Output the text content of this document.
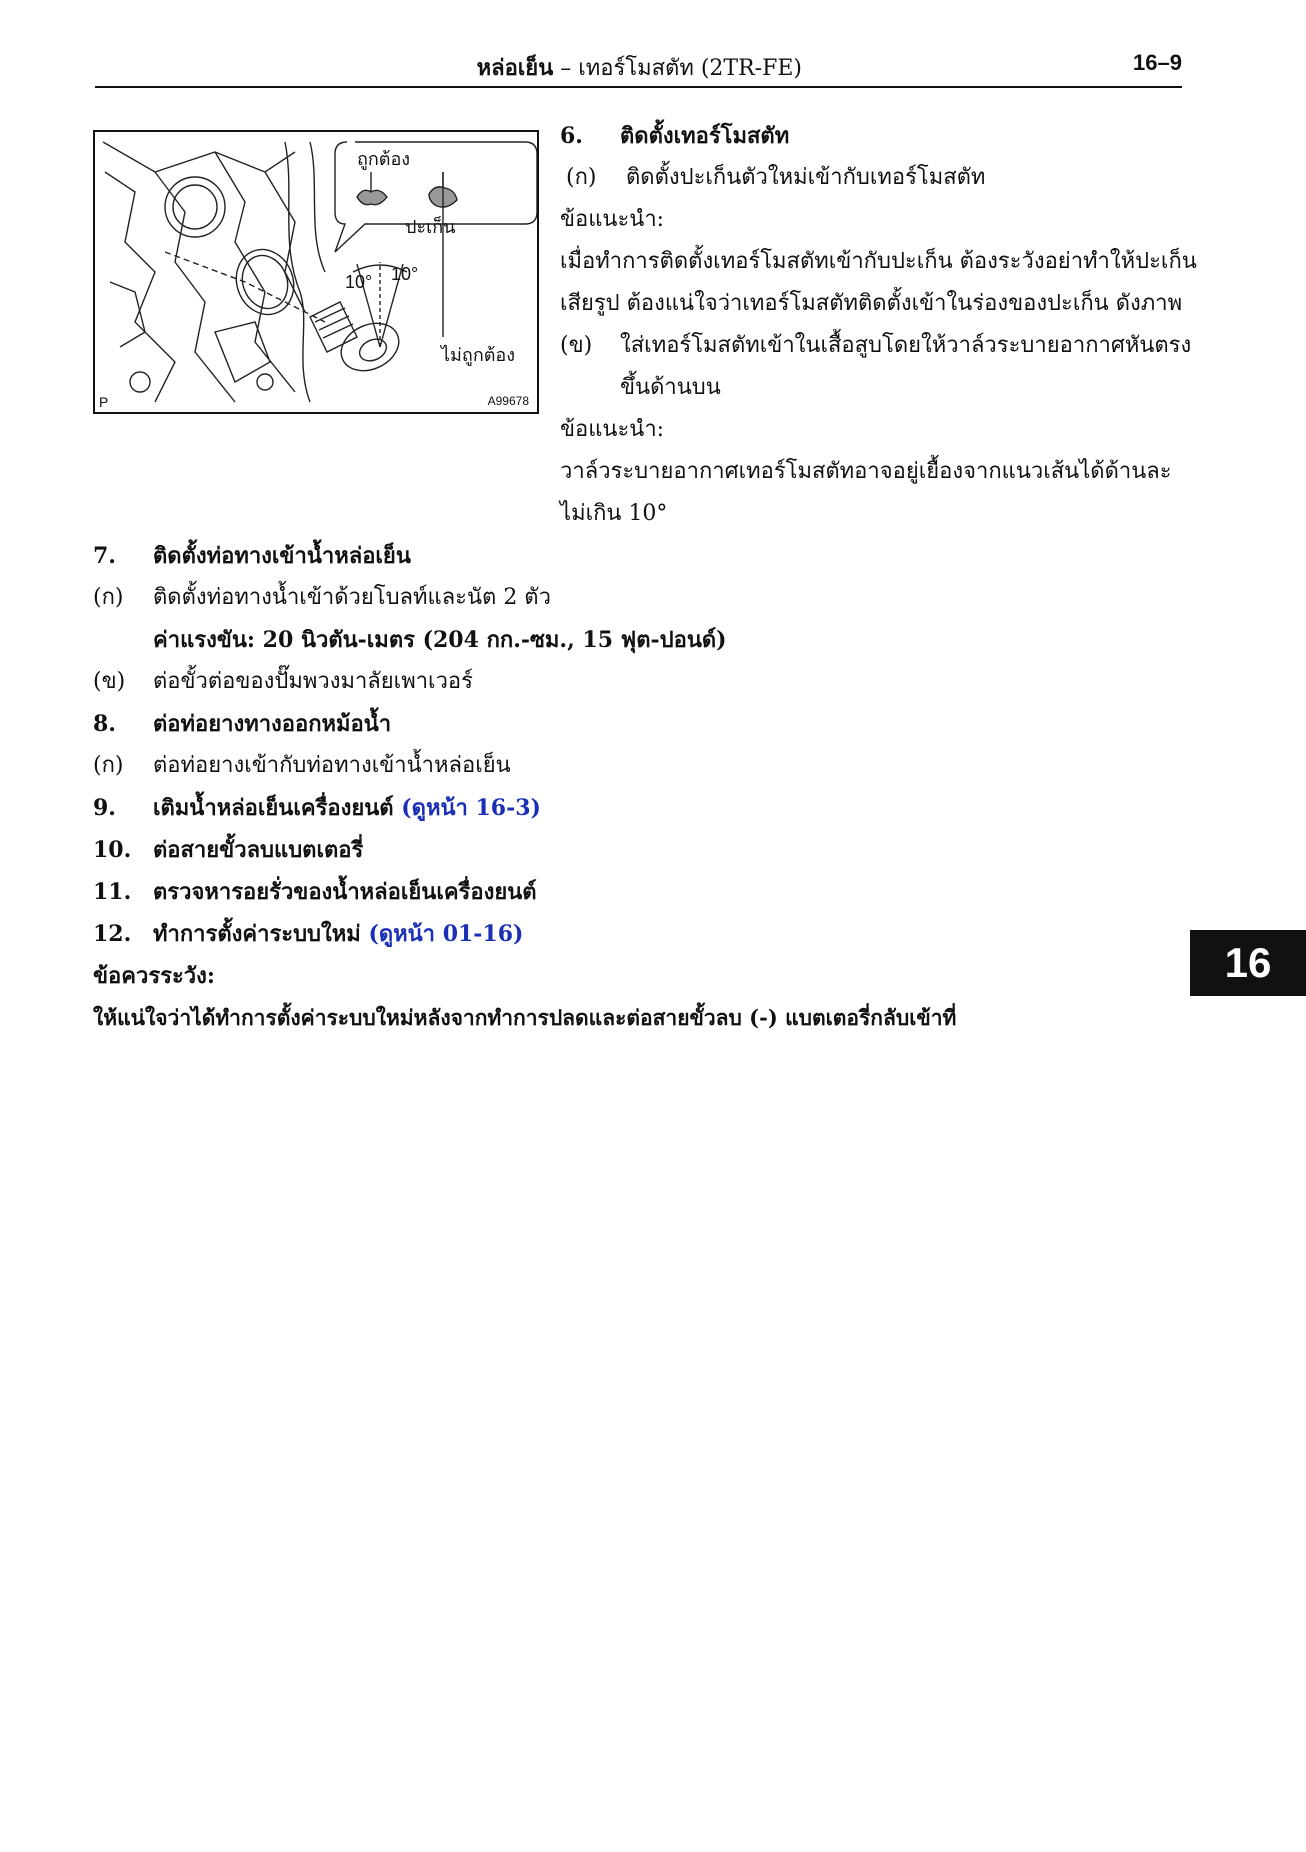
หล่อเย็น – เทอร์โมสตัท (2TR-FE)	16–9
ถูกต้อง
ปะเก็น
10° 10°
ไม่ถูกต้อง
P	A99678
6. ติดตั้งเทอร์โมสตัท
(ก) ติดตั้งปะเก็นตัวใหม่เข้ากับเทอร์โมสตัท
ข้อแนะนำ:
เมื่อทำการติดตั้งเทอร์โมสตัทเข้ากับปะเก็น ต้องระวังอย่าทำให้ปะเก็น
เสียรูป ต้องแน่ใจว่าเทอร์โมสตัทติดตั้งเข้าในร่องของปะเก็น ดังภาพ
(ข) ใส่เทอร์โมสตัทเข้าในเสื้อสูบโดยให้วาล์วระบายอากาศหันตรง
ขึ้นด้านบน
ข้อแนะนำ:
วาล์วระบายอากาศเทอร์โมสตัทอาจอยู่เยื้องจากแนวเส้นได้ด้านละ
ไม่เกิน 10°
7. ติดตั้งท่อทางเข้าน้ำหล่อเย็น
(ก) ติดตั้งท่อทางน้ำเข้าด้วยโบลท์และนัต 2 ตัว
ค่าแรงขัน: 20 นิวตัน-เมตร (204 กก.-ซม., 15 ฟุต-ปอนด์)
(ข) ต่อขั้วต่อของปั๊มพวงมาลัยเพาเวอร์
8. ต่อท่อยางทางออกหม้อน้ำ
(ก) ต่อท่อยางเข้ากับท่อทางเข้าน้ำหล่อเย็น
9. เติมน้ำหล่อเย็นเครื่องยนต์ (ดูหน้า 16-3)
10. ต่อสายขั้วลบแบตเตอรี่
11. ตรวจหารอยรั่วของน้ำหล่อเย็นเครื่องยนต์
12. ทำการตั้งค่าระบบใหม่ (ดูหน้า 01-16)
ข้อควรระวัง:
ให้แน่ใจว่าได้ทำการตั้งค่าระบบใหม่หลังจากทำการปลดและต่อสายขั้วลบ (-) แบตเตอรี่กลับเข้าที่
16
